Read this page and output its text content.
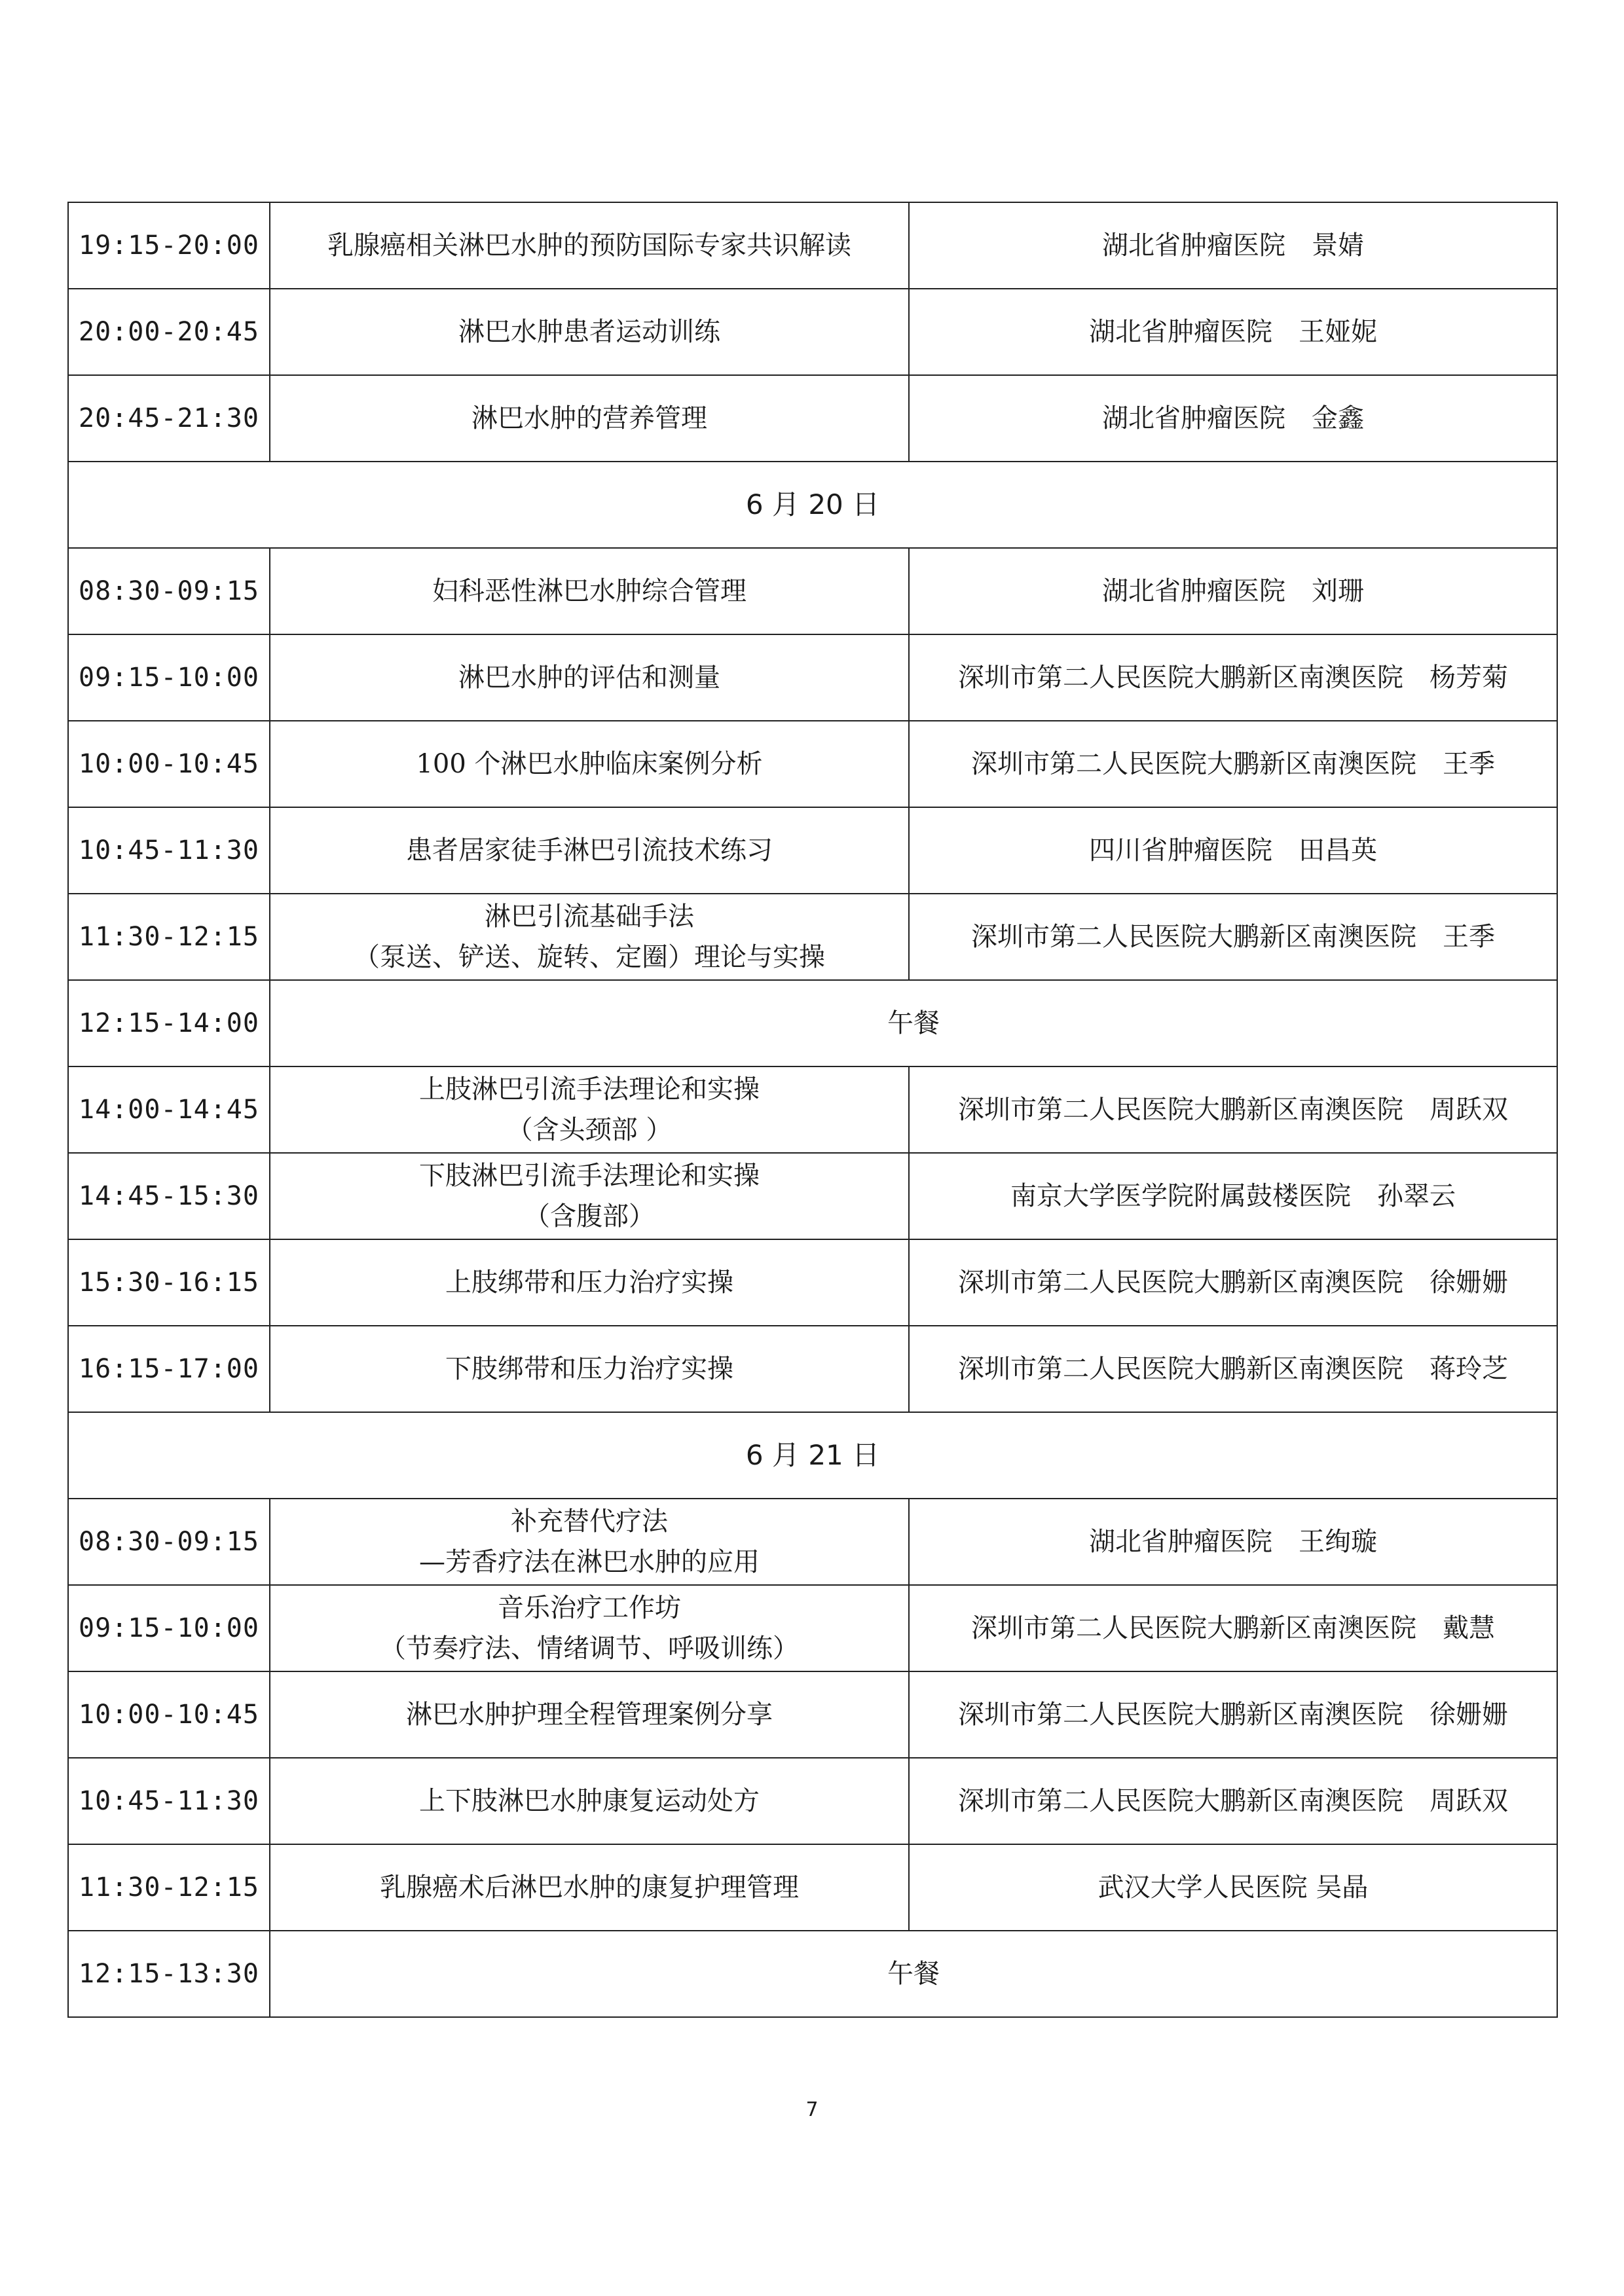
19:15-20:00	乳腺癌相关淋巴水肿的预防国际专家共识解读	湖北省肿瘤医院　景婧
20:00-20:45	淋巴水肿患者运动训练	湖北省肿瘤医院　王娅妮
20:45-21:30	淋巴水肿的营养管理	湖北省肿瘤医院　金鑫
6 月 20 日		
08:30-09:15	妇科恶性淋巴水肿综合管理	湖北省肿瘤医院　刘珊
09:15-10:00	淋巴水肿的评估和测量	深圳市第二人民医院大鹏新区南澳医院　杨芳菊
10:00-10:45	100 个淋巴水肿临床案例分析	深圳市第二人民医院大鹏新区南澳医院　王季
10:45-11:30	患者居家徒手淋巴引流技术练习	四川省肿瘤医院　田昌英
11:30-12:15	淋巴引流基础手法
（泵送、铲送、旋转、定圈）理论与实操	深圳市第二人民医院大鹏新区南澳医院　王季
12:15-14:00	午餐	
14:00-14:45	上肢淋巴引流手法理论和实操
（含头颈部 ）	深圳市第二人民医院大鹏新区南澳医院　周跃双
14:45-15:30	下肢淋巴引流手法理论和实操
（含腹部）	南京大学医学院附属鼓楼医院　孙翠云
15:30-16:15	上肢绑带和压力治疗实操	深圳市第二人民医院大鹏新区南澳医院　徐姗姗
16:15-17:00	下肢绑带和压力治疗实操	深圳市第二人民医院大鹏新区南澳医院　蒋玲芝
6 月 21 日		
08:30-09:15	补充替代疗法
—芳香疗法在淋巴水肿的应用	湖北省肿瘤医院　王绚璇
09:15-10:00	音乐治疗工作坊
（节奏疗法、情绪调节、呼吸训练）	深圳市第二人民医院大鹏新区南澳医院　戴慧
10:00-10:45	淋巴水肿护理全程管理案例分享	深圳市第二人民医院大鹏新区南澳医院　徐姗姗
10:45-11:30	上下肢淋巴水肿康复运动处方	深圳市第二人民医院大鹏新区南澳医院　周跃双
11:30-12:15	乳腺癌术后淋巴水肿的康复护理管理	武汉大学人民医院 吴晶
12:15-13:30	午餐	
7
